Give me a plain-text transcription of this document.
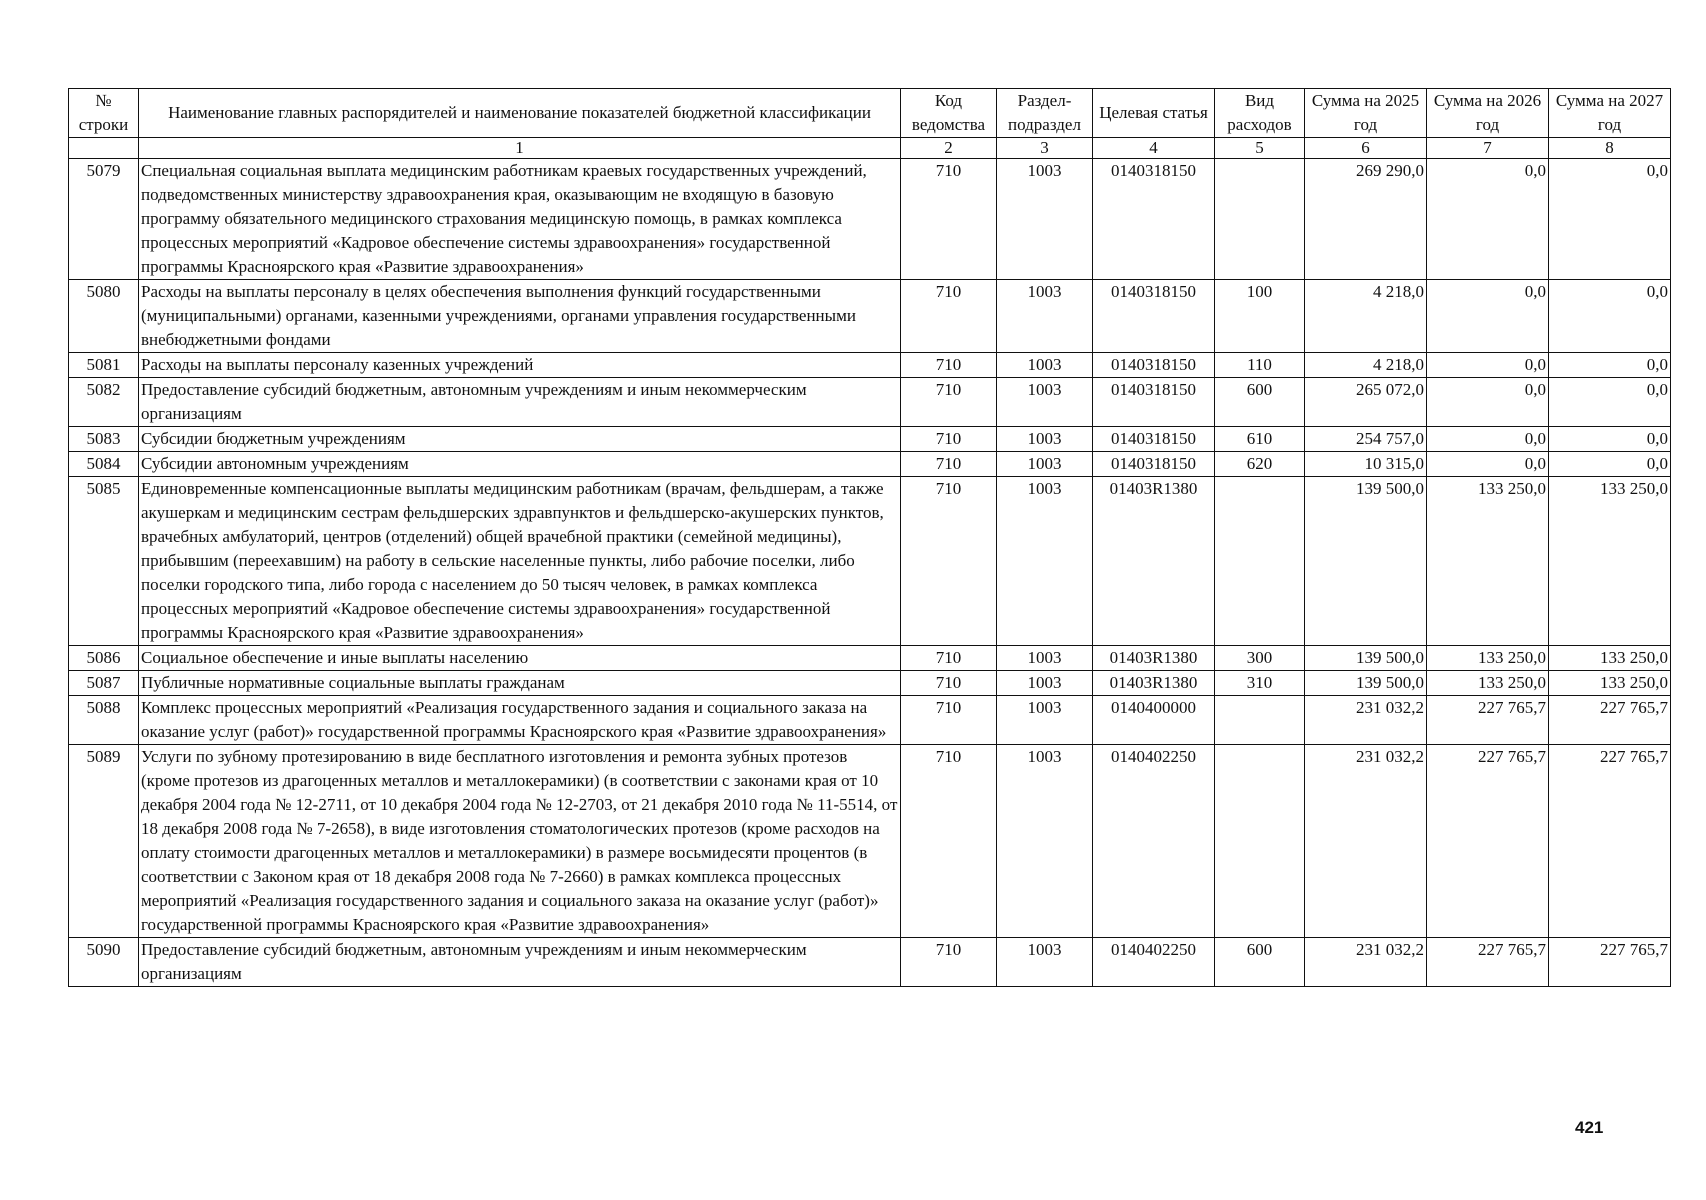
№ строки	Наименование главных распорядителей и наименование показателей бюджетной классификации	Код ведомства	Раздел-подраздел	Целевая статья	Вид расходов	Сумма на 2025 год	Сумма на 2026 год	Сумма на 2027 год
	1	2	3	4	5	6	7	8
5079	Специальная социальная выплата медицинским работникам краевых государственных учреждений, подведомственных министерству здравоохранения края, оказывающим не входящую в базовую программу обязательного медицинского страхования медицинскую помощь, в рамках комплекса процессных мероприятий «Кадровое обеспечение системы здравоохранения» государственной программы Красноярского края «Развитие здравоохранения»	710	1003	0140318150		269 290,0	0,0	0,0
5080	Расходы на выплаты персоналу в целях обеспечения выполнения функций государственными (муниципальными) органами, казенными учреждениями, органами управления государственными внебюджетными фондами	710	1003	0140318150	100	4 218,0	0,0	0,0
5081	Расходы на выплаты персоналу казенных учреждений	710	1003	0140318150	110	4 218,0	0,0	0,0
5082	Предоставление субсидий бюджетным, автономным учреждениям и иным некоммерческим организациям	710	1003	0140318150	600	265 072,0	0,0	0,0
5083	Субсидии бюджетным учреждениям	710	1003	0140318150	610	254 757,0	0,0	0,0
5084	Субсидии автономным учреждениям	710	1003	0140318150	620	10 315,0	0,0	0,0
5085	Единовременные компенсационные выплаты медицинским работникам (врачам, фельдшерам, а также акушеркам и медицинским сестрам фельдшерских здравпунктов и фельдшерско-акушерских пунктов, врачебных амбулаторий, центров (отделений) общей врачебной практики (семейной медицины), прибывшим (переехавшим) на работу в сельские населенные пункты, либо рабочие поселки, либо поселки городского типа, либо города с населением до 50 тысяч человек, в рамках комплекса процессных мероприятий «Кадровое обеспечение системы здравоохранения» государственной программы Красноярского края «Развитие здравоохранения»	710	1003	01403R1380		139 500,0	133 250,0	133 250,0
5086	Социальное обеспечение и иные выплаты населению	710	1003	01403R1380	300	139 500,0	133 250,0	133 250,0
5087	Публичные нормативные социальные выплаты гражданам	710	1003	01403R1380	310	139 500,0	133 250,0	133 250,0
5088	Комплекс процессных мероприятий «Реализация государственного задания и социального заказа на оказание услуг (работ)» государственной программы Красноярского края «Развитие здравоохранения»	710	1003	0140400000		231 032,2	227 765,7	227 765,7
5089	Услуги по зубному протезированию в виде бесплатного изготовления и ремонта зубных протезов (кроме протезов из драгоценных металлов и металлокерамики) (в соответствии с законами края от 10 декабря 2004 года № 12-2711, от 10 декабря 2004 года № 12-2703, от 21 декабря 2010 года № 11-5514, от 18 декабря 2008 года № 7-2658), в виде изготовления стоматологических протезов (кроме расходов на оплату стоимости драгоценных металлов и металлокерамики) в размере восьмидесяти процентов (в соответствии с Законом края от 18 декабря 2008 года № 7-2660) в рамках комплекса процессных мероприятий «Реализация государственного задания и социального заказа на оказание услуг (работ)» государственной программы Красноярского края «Развитие здравоохранения»	710	1003	0140402250		231 032,2	227 765,7	227 765,7
5090	Предоставление субсидий бюджетным, автономным учреждениям и иным некоммерческим организациям	710	1003	0140402250	600	231 032,2	227 765,7	227 765,7
421
